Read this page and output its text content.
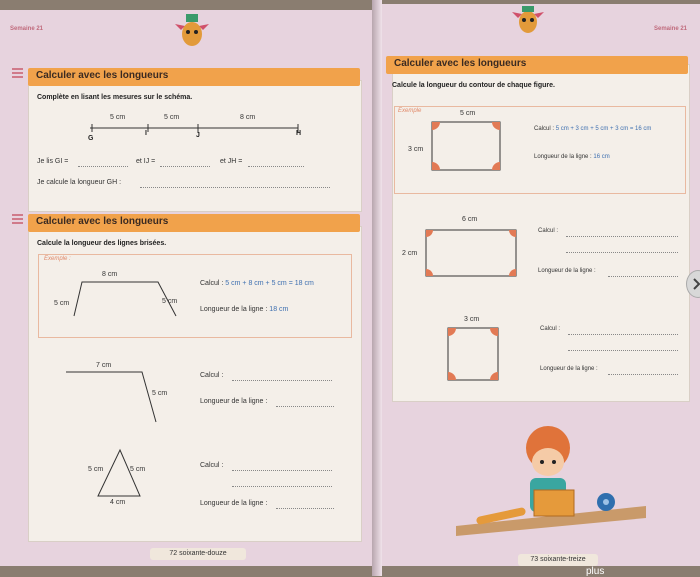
Semaine 21
Calculer avec les longueurs
Complète en lisant les mesures sur le schéma.
5 cm	5 cm	8 cm
G
I	J	H
Je lis GI =	et IJ =	et JH =
Je calcule la longueur GH :
Calculer avec les longueurs
Calcule la longueur des lignes brisées.
Exemple :
8 cm
5 cm	5 cm
Calcul : 5 cm + 8 cm + 5 cm = 18 cm
Longueur de la ligne : 18 cm
7 cm
5 cm
Calcul :
Longueur de la ligne :
5 cm	5 cm
4 cm
Calcul :
Longueur de la ligne :
72 soixante-douze
Semaine 21
Calculer avec les longueurs
Calcule la longueur du contour de chaque figure.
Exemple	5 cm
3 cm
Calcul : 5 cm + 3 cm + 5 cm + 3 cm = 16 cm
Longueur de la ligne : 16 cm
6 cm
2 cm
Calcul :
Longueur de la ligne :
3 cm
Calcul :
Longueur de la ligne :
73 soixante-treize
plus
